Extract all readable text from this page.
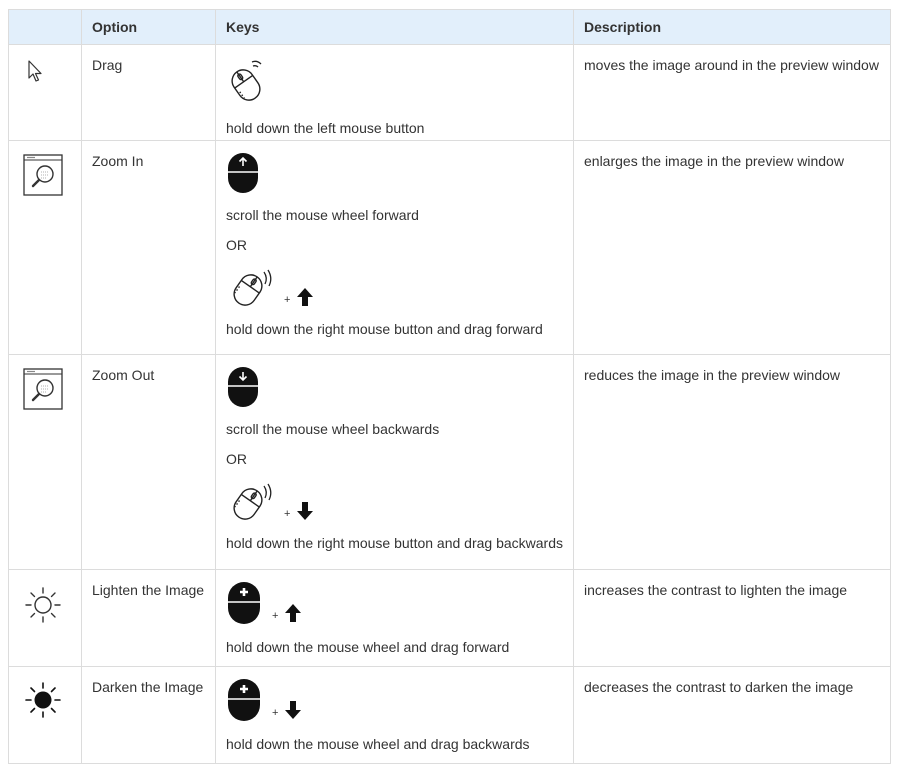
	Option	Keys	Description

	Drag	hold down the left mouse button	moves the image around in the preview window

	Zoom In	scroll the mouse wheel forward
OR
+
hold down the right mouse button and drag forward	enlarges the image in the preview window

	Zoom Out	scroll the mouse wheel backwards
OR
+
hold down the right mouse button and drag backwards	reduces the image in the preview window

	Lighten the Image	+
hold down the mouse wheel and drag forward	increases the contrast to lighten the image

	Darken the Image	+
hold down the mouse wheel and drag backwards	decreases the contrast to darken the image
